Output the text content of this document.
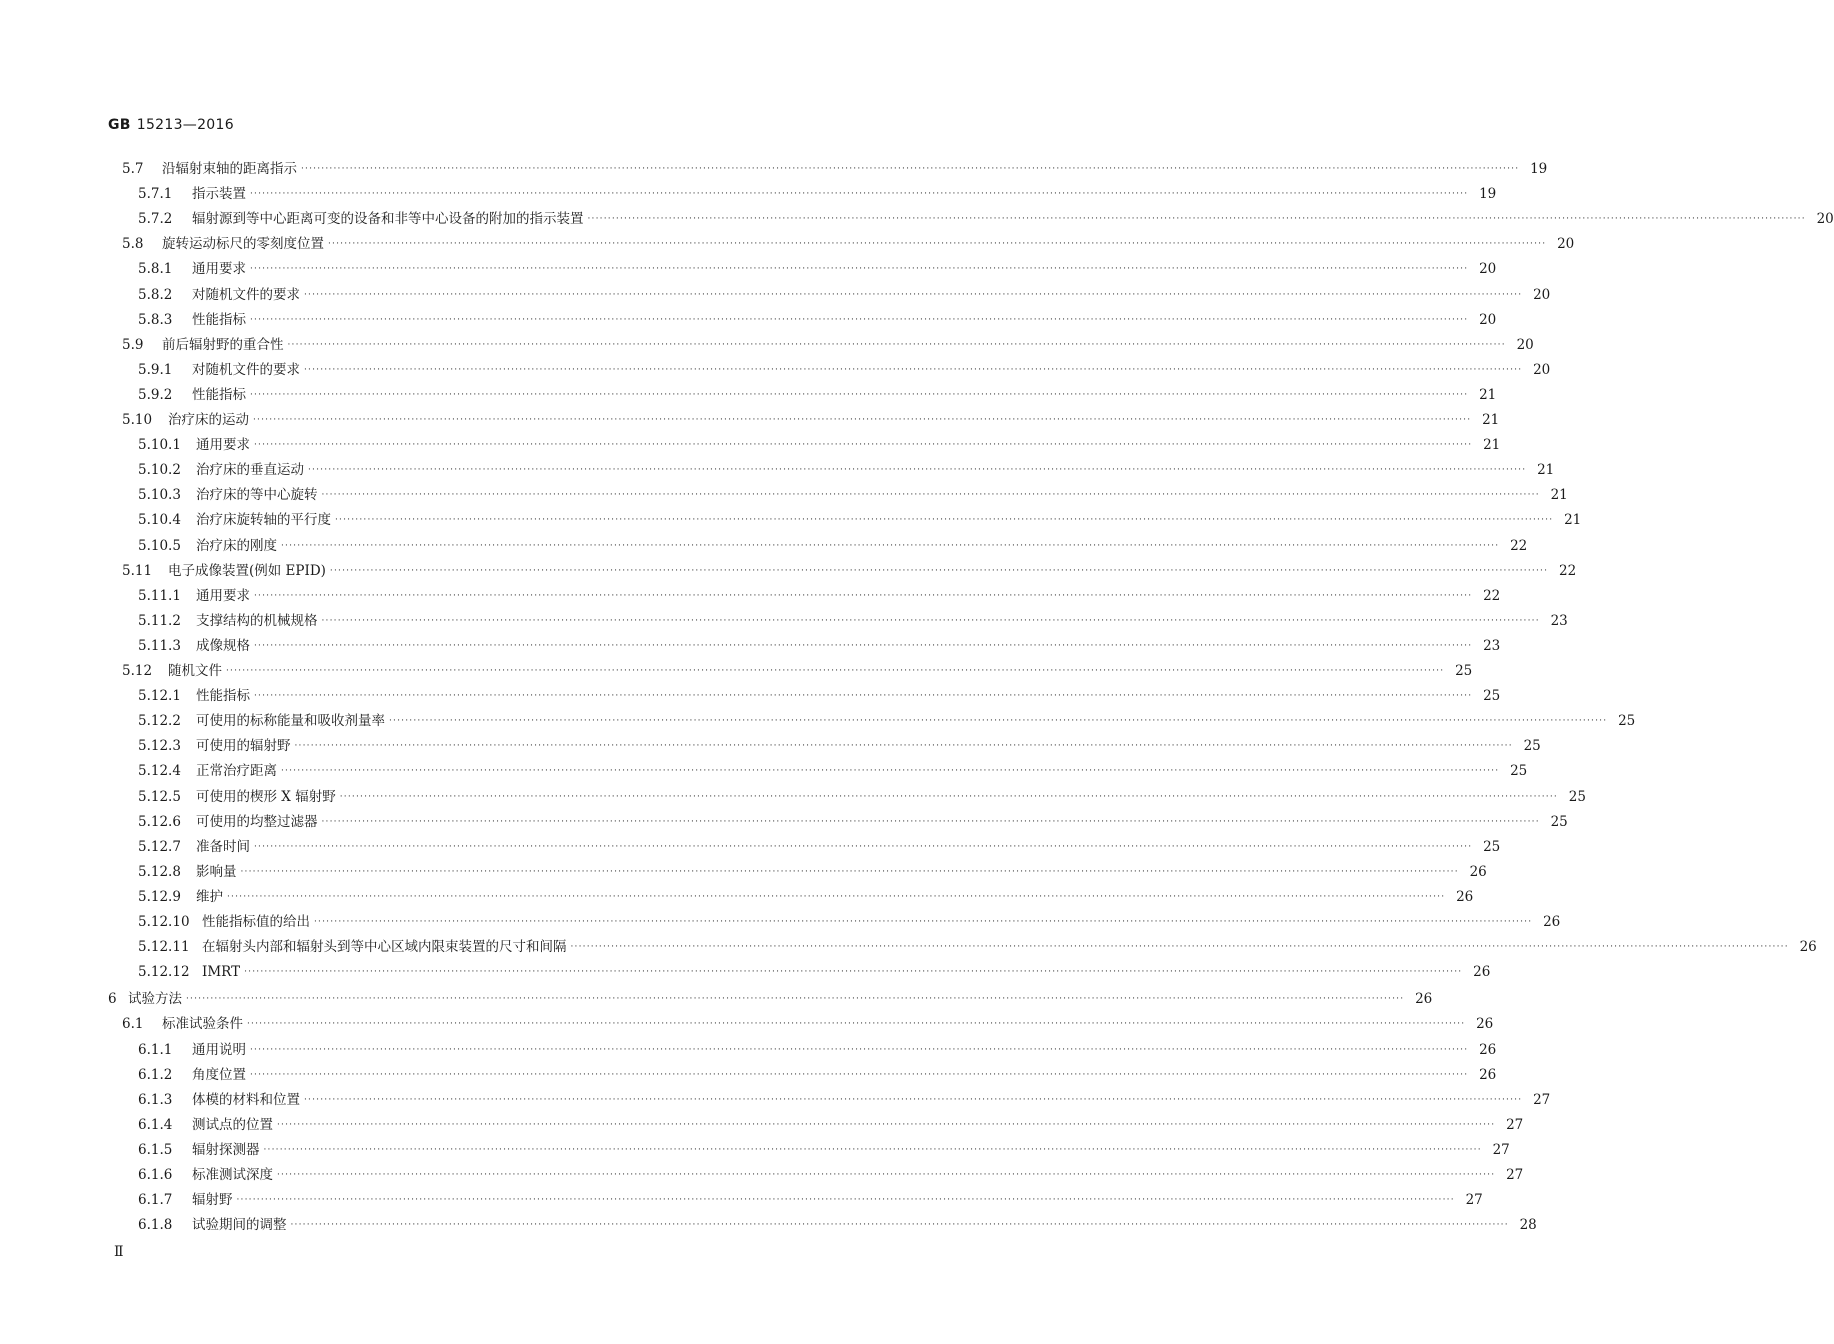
GB 15213—2016
5.7	沿辐射束轴的距离指示 ············································································································································································································································································································ 19
5.7.1	指示装置 ············································································································································································································································································································ 19
5.7.2	辐射源到等中心距离可变的设备和非等中心设备的附加的指示装置 ············································································································································································································································································································ 20
5.8	旋转运动标尺的零刻度位置 ············································································································································································································································································································ 20
5.8.1	通用要求 ············································································································································································································································································································ 20
5.8.2	对随机文件的要求 ············································································································································································································································································································ 20
5.8.3	性能指标 ············································································································································································································································································································ 20
5.9	前后辐射野的重合性 ············································································································································································································································································································ 20
5.9.1	对随机文件的要求 ············································································································································································································································································································ 20
5.9.2	性能指标 ············································································································································································································································································································ 21
5.10	治疗床的运动 ············································································································································································································································································································ 21
5.10.1	通用要求 ············································································································································································································································································································ 21
5.10.2	治疗床的垂直运动 ············································································································································································································································································································ 21
5.10.3	治疗床的等中心旋转 ············································································································································································································································································································ 21
5.10.4	治疗床旋转轴的平行度 ············································································································································································································································································································ 21
5.10.5	治疗床的刚度 ············································································································································································································································································································ 22
5.11	电子成像装置(例如 EPID) ············································································································································································································································································································ 22
5.11.1	通用要求 ············································································································································································································································································································ 22
5.11.2	支撑结构的机械规格 ············································································································································································································································································································ 23
5.11.3	成像规格 ············································································································································································································································································································ 23
5.12	随机文件 ············································································································································································································································································································ 25
5.12.1	性能指标 ············································································································································································································································································································ 25
5.12.2	可使用的标称能量和吸收剂量率 ············································································································································································································································································································ 25
5.12.3	可使用的辐射野 ············································································································································································································································································································ 25
5.12.4	正常治疗距离 ············································································································································································································································································································ 25
5.12.5	可使用的楔形 X 辐射野 ············································································································································································································································································································ 25
5.12.6	可使用的均整过滤器 ············································································································································································································································································································ 25
5.12.7	准备时间 ············································································································································································································································································································ 25
5.12.8	影响量 ············································································································································································································································································································ 26
5.12.9	维护 ············································································································································································································································································································ 26
5.12.10 性能指标值的给出 ············································································································································································································································································································ 26
5.12.11 在辐射头内部和辐射头到等中心区域内限束装置的尺寸和间隔 ············································································································································································································································································································ 26
5.12.12 IMRT ············································································································································································································································································································ 26
6 试验方法 ············································································································································································································································································································ 26
6.1	标准试验条件 ············································································································································································································································································································ 26
6.1.1	通用说明 ············································································································································································································································································································ 26
6.1.2	角度位置 ············································································································································································································································································································ 26
6.1.3	体模的材料和位置 ············································································································································································································································································································ 27
6.1.4	测试点的位置 ············································································································································································································································································································ 27
6.1.5	辐射探测器 ············································································································································································································································································································ 27
6.1.6	标准测试深度 ············································································································································································································································································································ 27
6.1.7	辐射野 ············································································································································································································································································································ 27
6.1.8	试验期间的调整 ············································································································································································································································································································ 28
Ⅱ
